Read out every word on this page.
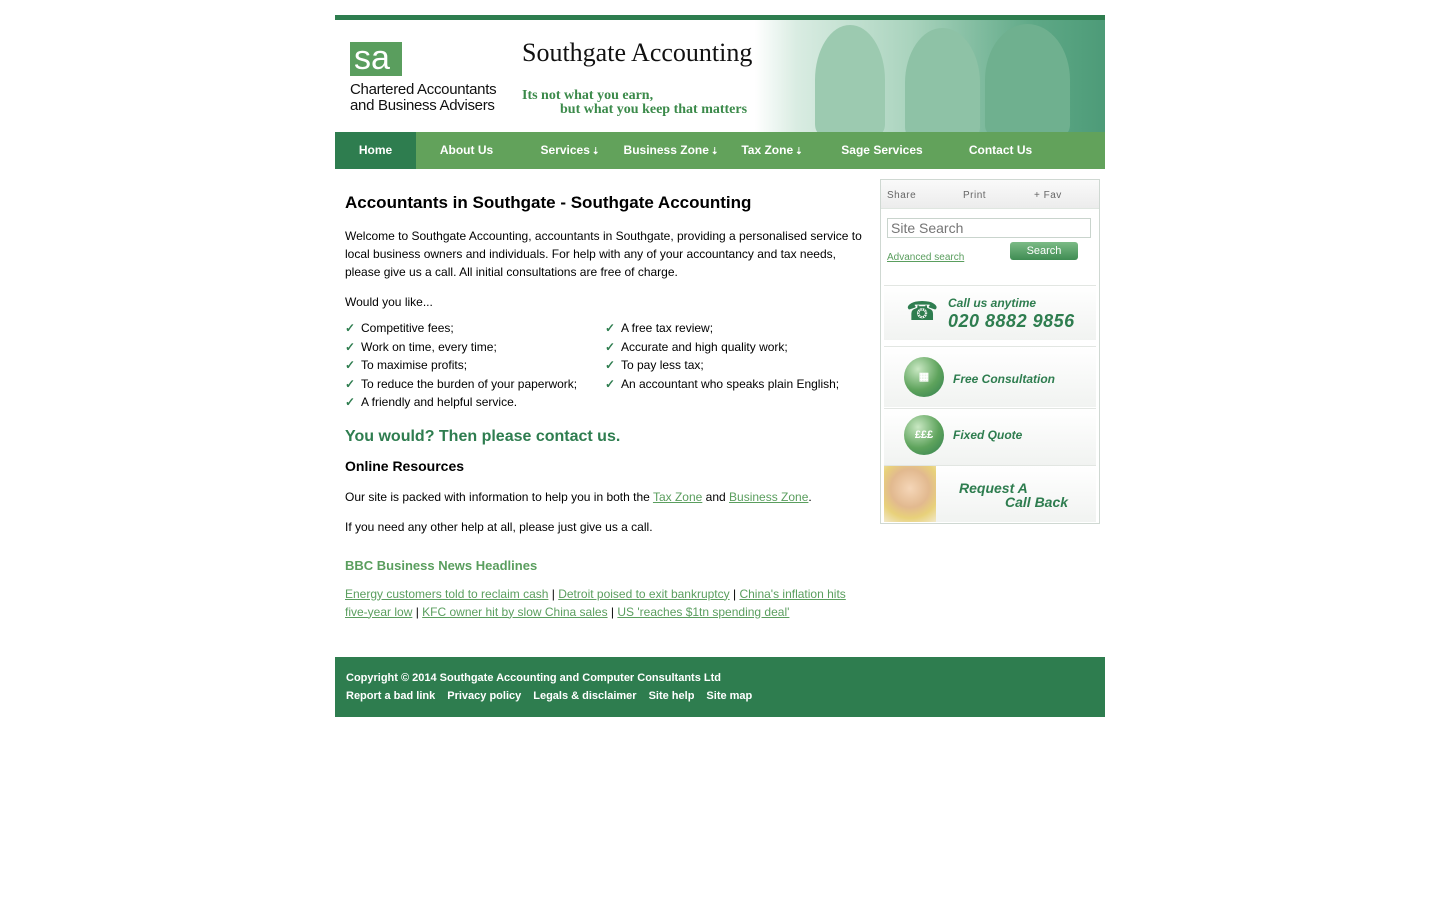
sa
Chartered Accountants
and Business Advisers
Southgate Accounting
Its not what you earn,
but what you keep that matters
Home	About Us	Services ⇣	Business Zone ⇣	Tax Zone ⇣	Sage Services	Contact Us
Accountants in Southgate - Southgate Accounting

Welcome to Southgate Accounting, accountants in Southgate, providing a personalised service to local business owners and individuals. For help with any of your accountancy and tax needs, please give us a call. All initial consultations are free of charge.

Would you like...

✓ Competitive fees;
✓ Work on time, every time;
✓ To maximise profits;
✓ To reduce the burden of your paperwork;
✓ A friendly and helpful service.
✓ A free tax review;
✓ Accurate and high quality work;
✓ To pay less tax;
✓ An accountant who speaks plain English;
You would? Then please contact us.
Online Resources

Our site is packed with information to help you in both the Tax Zone and Business Zone.

If you need any other help at all, please just give us a call.

BBC Business News Headlines
Energy customers told to reclaim cash | Detroit poised to exit bankruptcy | China's inflation hits five-year low | KFC owner hit by slow China sales | US 'reaches $1tn spending deal'
Share	Print	+ Fav
Site Search
Search
Advanced search
☎ Call us anytime
020 8882 9856
▦	Free Consultation
£££	Fixed Quote
Request A
Call Back
Copyright © 2014 Southgate Accounting and Computer Consultants Ltd
Report a bad link Privacy policy Legals & disclaimer Site help Site map
